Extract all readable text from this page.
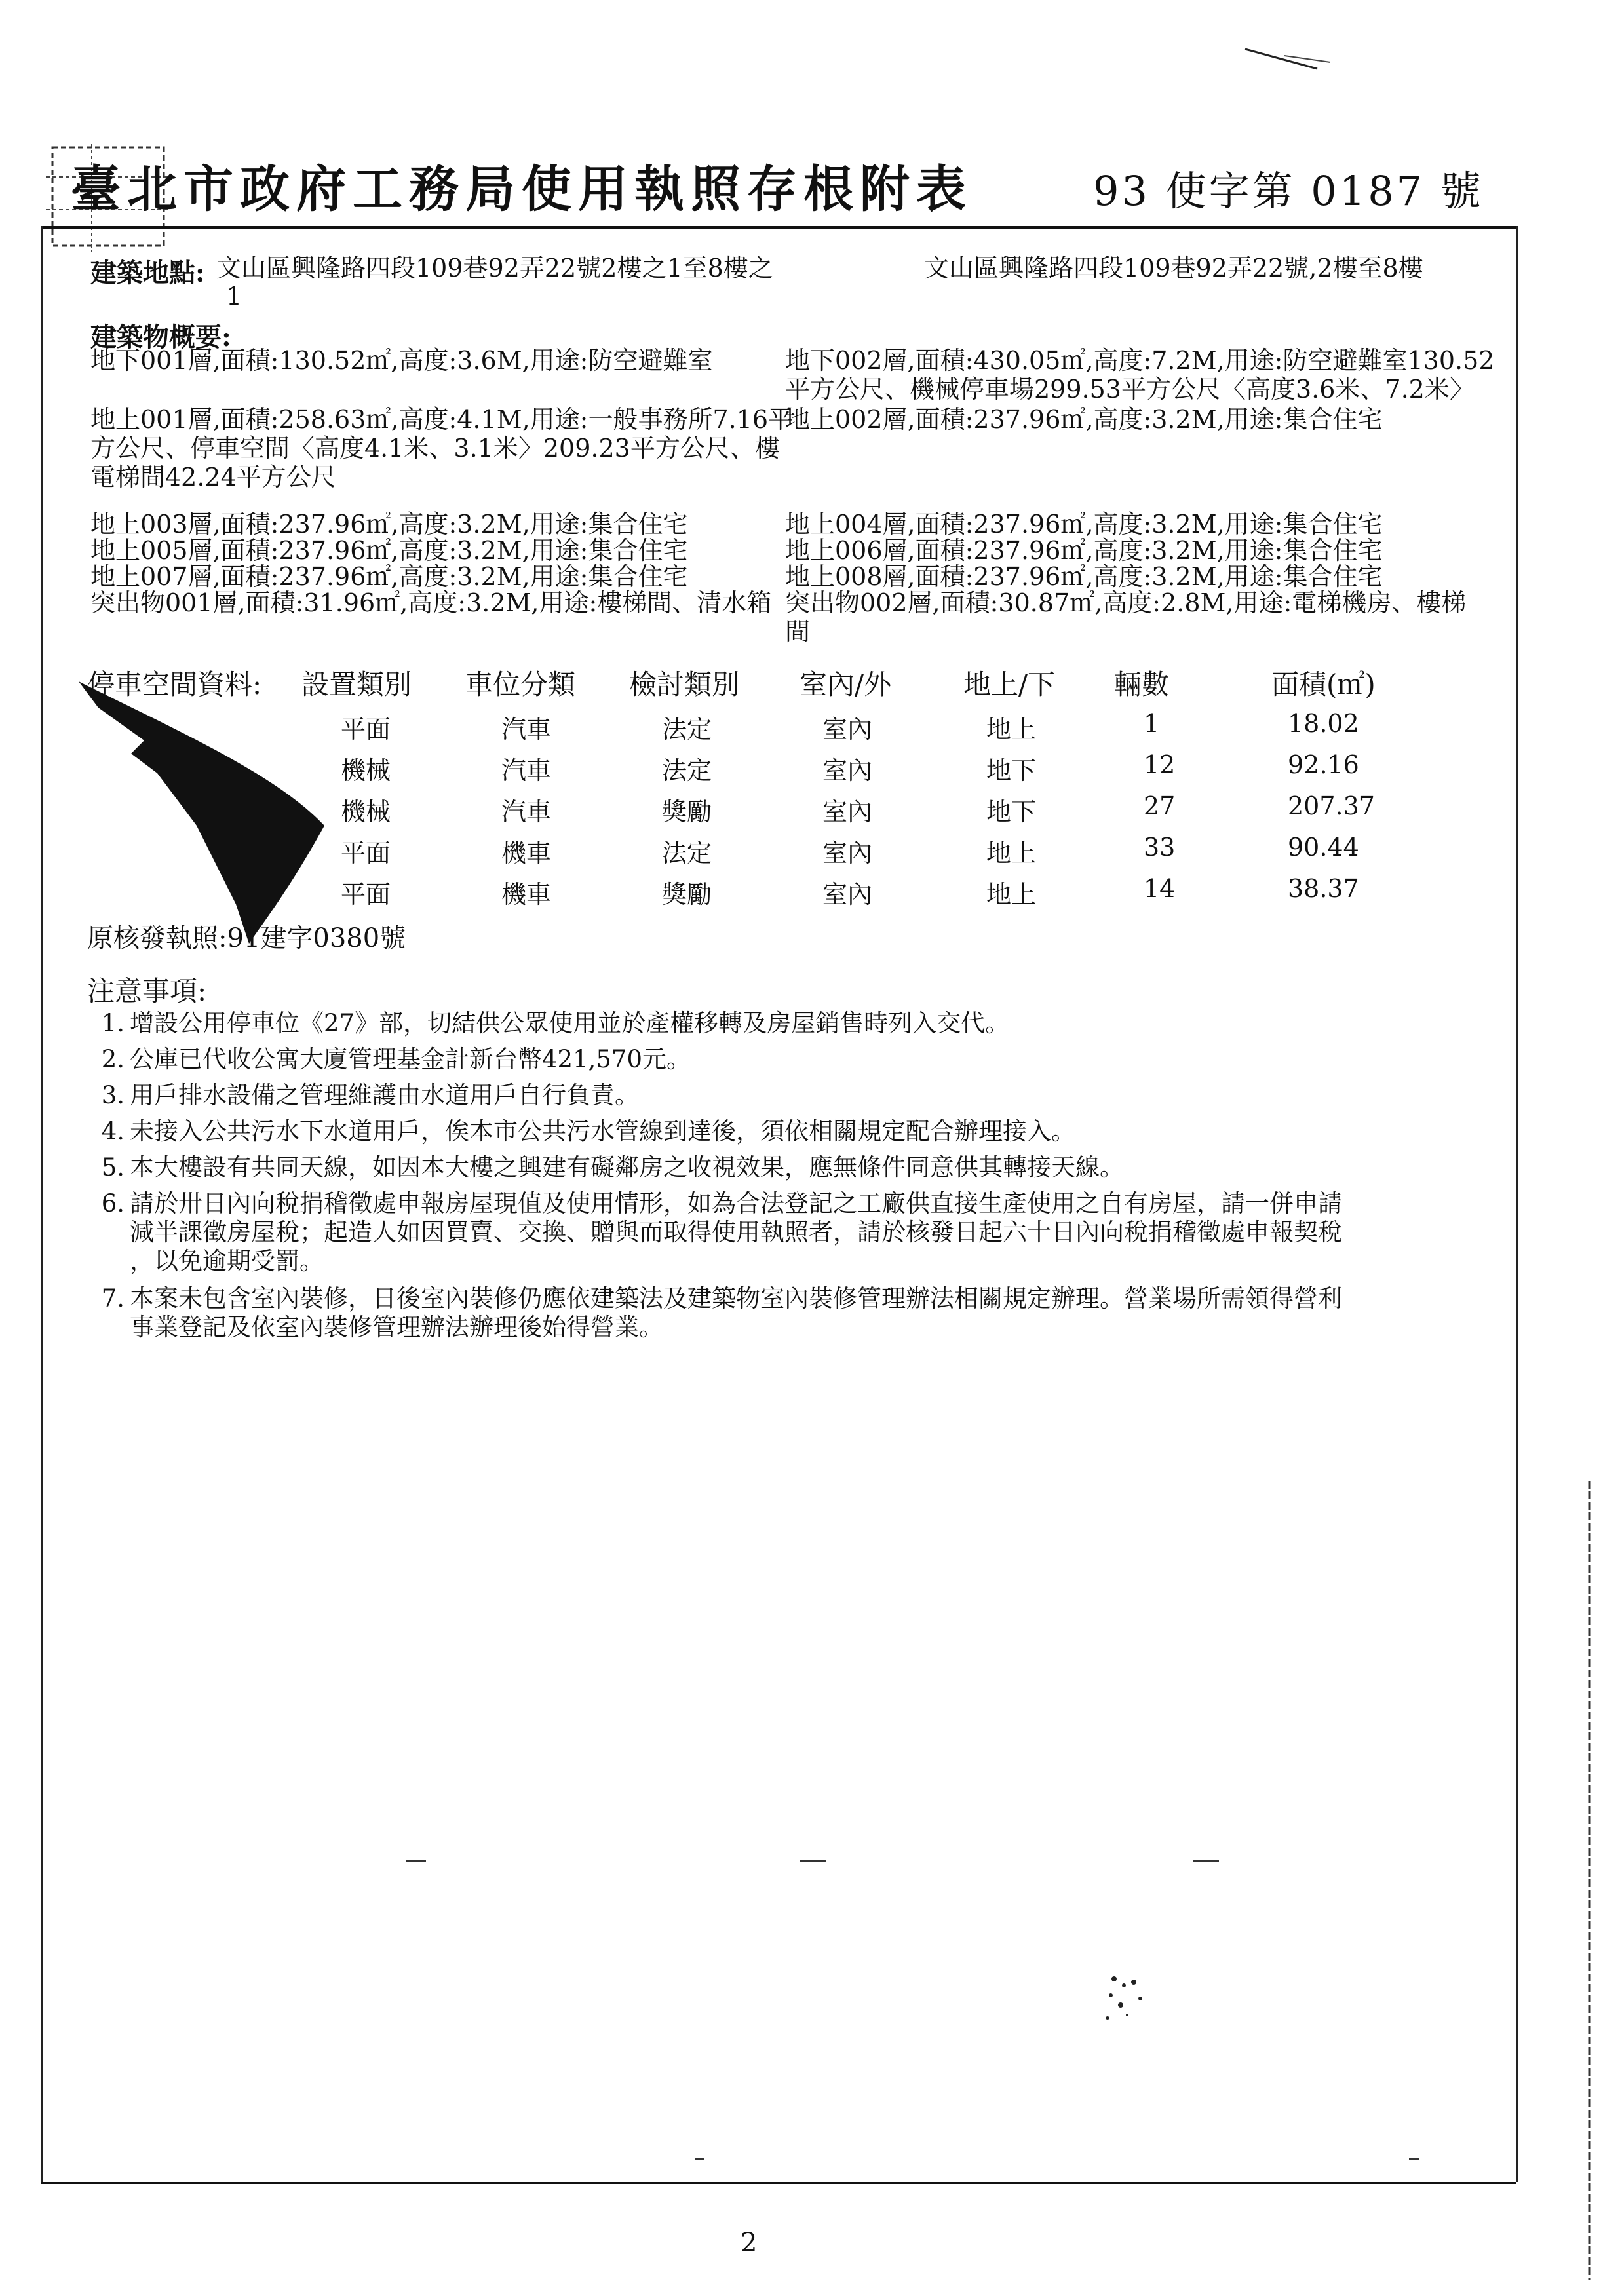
臺北市政府工務局使用執照存根附表	93 使字第 0187 號
建築地點: 文山區興隆路四段109巷92弄22號2樓之1至8樓之
1
文山區興隆路四段109巷92弄22號,2樓至8樓
建築物概要:
地下001層,面積:130.52㎡,高度:3.6M,用途:防空避難室
地上001層,面積:258.63㎡,高度:4.1M,用途:一般事務所7.16平
方公尺、停車空間〈高度4.1米、3.1米〉209.23平方公尺、樓
電梯間42.24平方公尺
地上003層,面積:237.96㎡,高度:3.2M,用途:集合住宅
地上005層,面積:237.96㎡,高度:3.2M,用途:集合住宅
地上007層,面積:237.96㎡,高度:3.2M,用途:集合住宅
突出物001層,面積:31.96㎡,高度:3.2M,用途:樓梯間、清水箱
地下002層,面積:430.05㎡,高度:7.2M,用途:防空避難室130.52
平方公尺、機械停車場299.53平方公尺〈高度3.6米、7.2米〉
地上002層,面積:237.96㎡,高度:3.2M,用途:集合住宅
地上004層,面積:237.96㎡,高度:3.2M,用途:集合住宅
地上006層,面積:237.96㎡,高度:3.2M,用途:集合住宅
地上008層,面積:237.96㎡,高度:3.2M,用途:集合住宅
突出物002層,面積:30.87㎡,高度:2.8M,用途:電梯機房、樓梯
間
停車空間資料: 設置類別 車位分類 檢討類別 室內/外	地上/下 輛數	面積(㎡)
平面	汽車	法定	室內	地上	1	18.02
機械	汽車	法定	室內	地下	12	92.16
機械	汽車	獎勵	室內	地下	27	207.37
平面	機車	法定	室內	地上	33	90.44
平面	機車	獎勵	室內	地上	14	38.37
原核發執照:91建字0380號
注意事項:
1. 增設公用停車位《27》部，切結供公眾使用並於產權移轉及房屋銷售時列入交代。
2. 公庫已代收公寓大廈管理基金計新台幣421,570元。
3. 用戶排水設備之管理維護由水道用戶自行負責。
4. 未接入公共污水下水道用戶，俟本市公共污水管線到達後，須依相關規定配合辦理接入。
5. 本大樓設有共同天線，如因本大樓之興建有礙鄰房之收視效果，應無條件同意供其轉接天線。
6. 請於卅日內向稅捐稽徵處申報房屋現值及使用情形，如為合法登記之工廠供直接生產使用之自有房屋，請一併申請
減半課徵房屋稅；起造人如因買賣、交換、贈與而取得使用執照者，請於核發日起六十日內向稅捐稽徵處申報契稅
，以免逾期受罰。
7. 本案未包含室內裝修，日後室內裝修仍應依建築法及建築物室內裝修管理辦法相關規定辦理。營業場所需領得營利
事業登記及依室內裝修管理辦法辦理後始得營業。
2
